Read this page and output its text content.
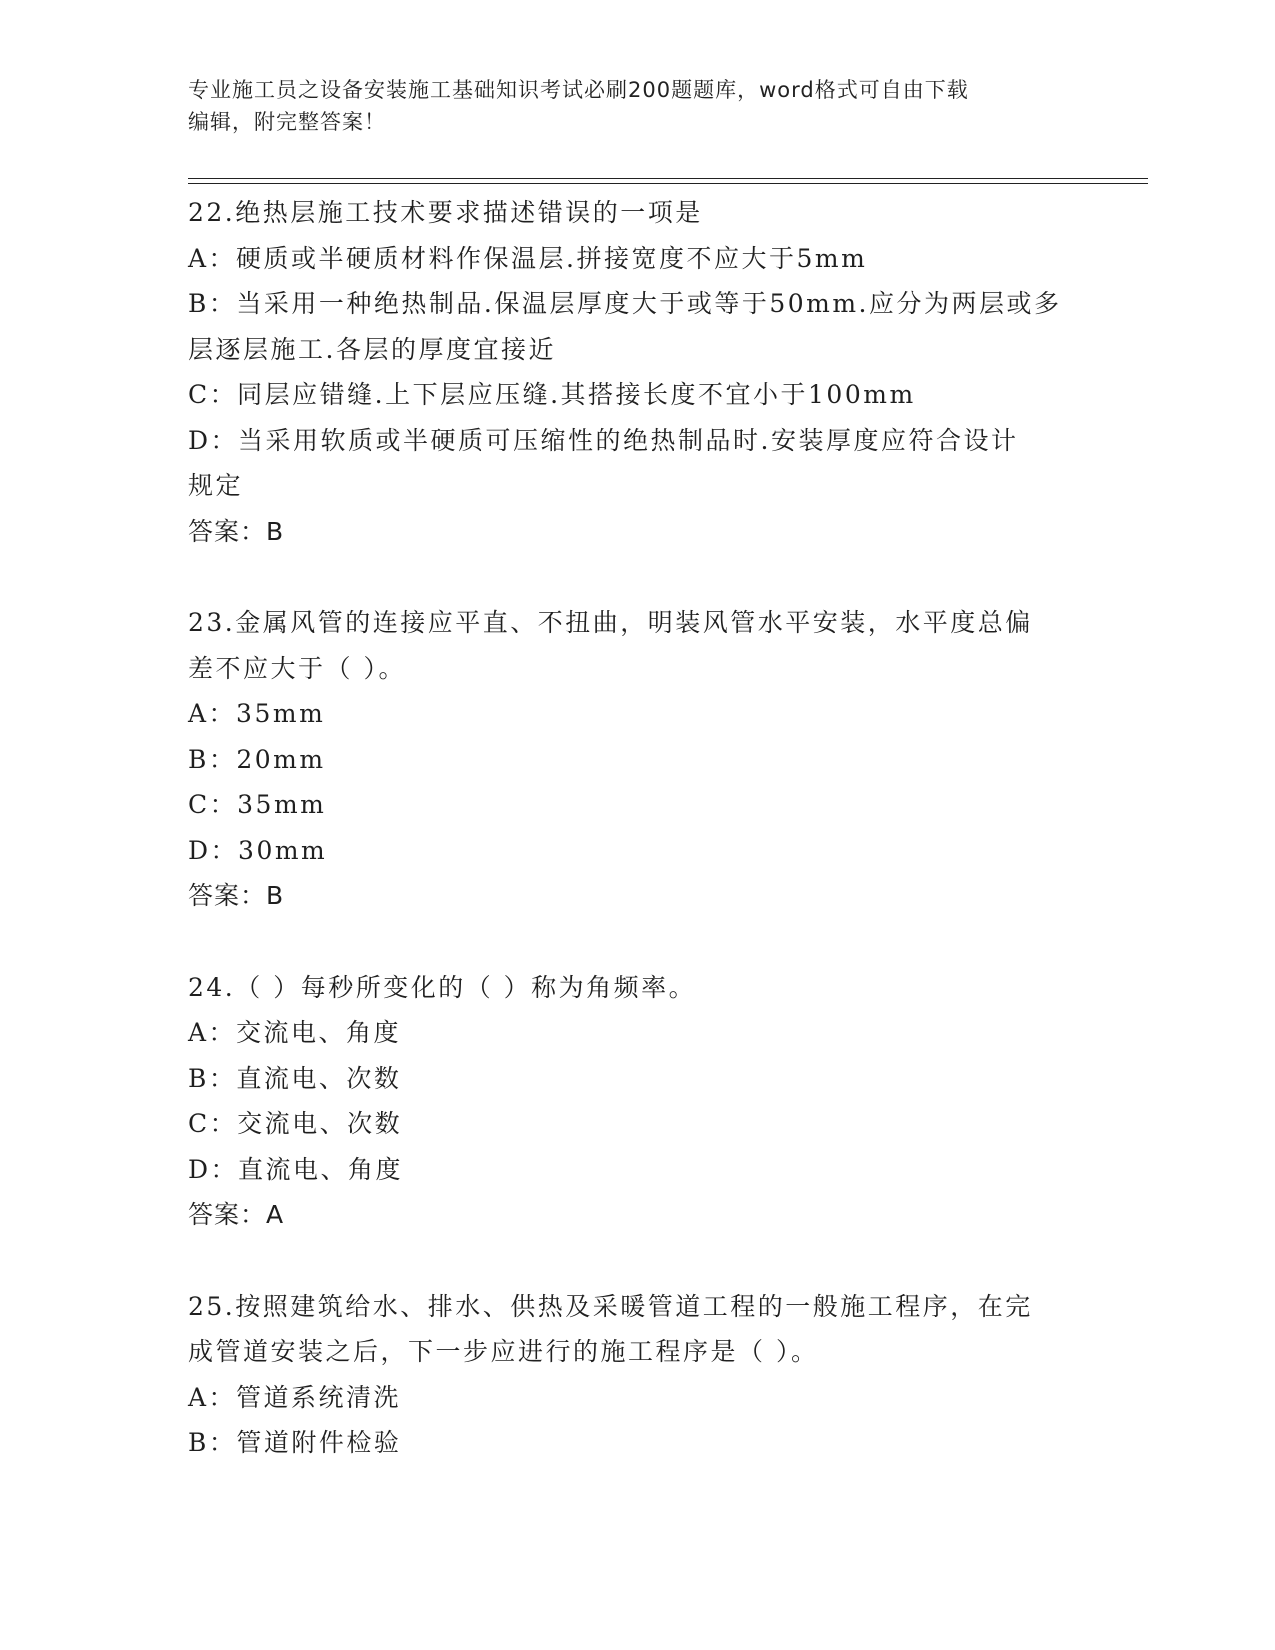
专业施工员之设备安装施工基础知识考试必刷200题题库，word格式可自由下载
编辑，附完整答案！
22.绝热层施工技术要求描述错误的一项是
A：硬质或半硬质材料作保温层.拼接宽度不应大于5mm
B：当采用一种绝热制品.保温层厚度大于或等于50mm.应分为两层或多
层逐层施工.各层的厚度宜接近
C：同层应错缝.上下层应压缝.其搭接长度不宜小于100mm
D：当采用软质或半硬质可压缩性的绝热制品时.安装厚度应符合设计
规定
答案：B
23.金属风管的连接应平直、不扭曲，明装风管水平安装，水平度总偏
差不应大于（ ）。
A：35mm
B：20mm
C：35mm
D：30mm
答案：B
24.（ ）每秒所变化的（ ）称为角频率。
A：交流电、角度
B：直流电、次数
C：交流电、次数
D：直流电、角度
答案：A
25.按照建筑给水、排水、供热及采暖管道工程的一般施工程序，在完
成管道安装之后，下一步应进行的施工程序是（ ）。
A：管道系统清洗
B：管道附件检验
